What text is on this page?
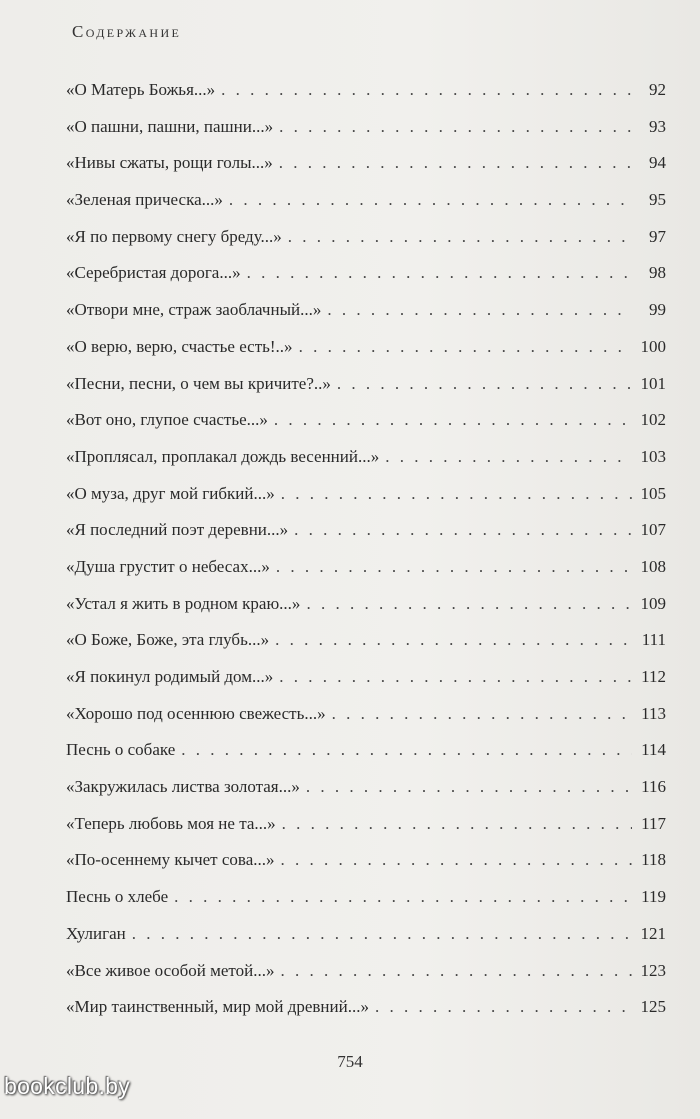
Содержание
«О Матерь Божья...» . . .	92
«О пашни, пашни, пашни...» . . .	93
«Нивы сжаты, рощи голы...» . . .	94
«Зеленая прическа...» . . .	95
«Я по первому снегу бреду...» . . .	97
«Серебристая дорога...» . . .	98
«Отвори мне, страж заоблачный...» . . .	99
«О верю, верю, счастье есть!..» . . .	100
«Песни, песни, о чем вы кричите?..» . . .	101
«Вот оно, глупое счастье...» . . .	102
«Проплясал, проплакал дождь весенний...» . . .	103
«О муза, друг мой гибкий...» . . .	105
«Я последний поэт деревни...» . . .	107
«Душа грустит о небесах...» . . .	108
«Устал я жить в родном краю...» . . .	109
«О Боже, Боже, эта глубь...» . . .	111
«Я покинул родимый дом...» . . .	112
«Хорошо под осеннюю свежесть...» . . .	113
Песнь о собаке . . .	114
«Закружилась листва золотая...» . . .	116
«Теперь любовь моя не та...» . . .	117
«По-осеннему кычет сова...» . . .	118
Песнь о хлебе . . .	119
Хулиган . . .	121
«Все живое особой метой...» . . .	123
«Мир таинственный, мир мой древний...» . . .	125
754
bookclub.by
